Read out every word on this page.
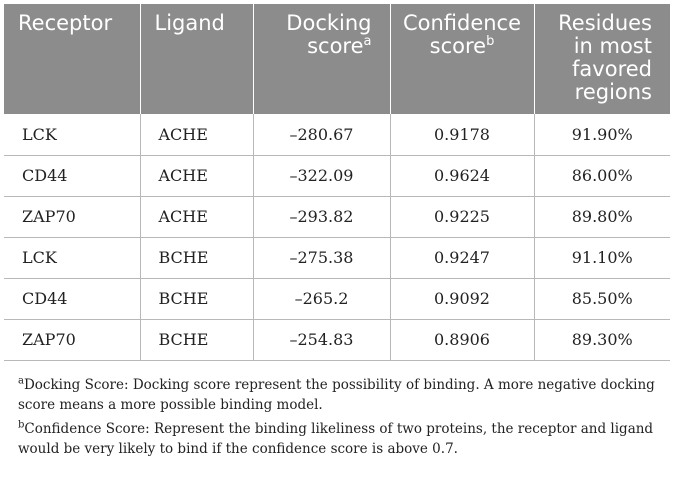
Receptor	Ligand	Docking score$^a$	Confidence score$^b$	Residues in most favored regions
LCK	ACHE	–280.67	0.9178	91.90%
CD44	ACHE	–322.09	0.9624	86.00%
ZAP70	ACHE	–293.82	0.9225	89.80%
LCK	BCHE	–275.38	0.9247	91.10%
CD44	BCHE	–265.2	0.9092	85.50%
ZAP70	BCHE	–254.83	0.8906	89.30%
$^a$Docking Score: Docking score represent the possibility of binding. A more negative docking score means a more possible binding model.
$^b$Confidence Score: Represent the binding likeliness of two proteins, the receptor and ligand would be very likely to bind if the confidence score is above 0.7.
